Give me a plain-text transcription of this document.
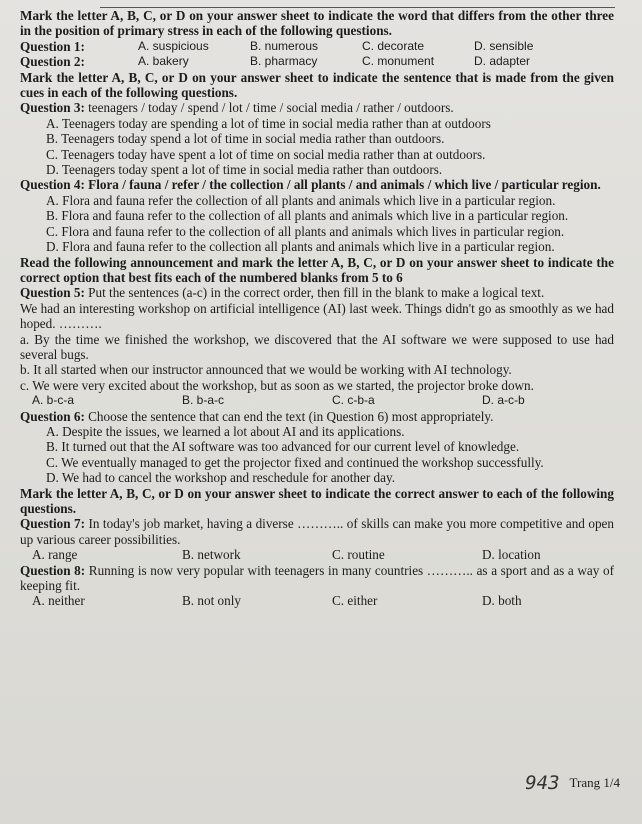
Mark the letter A, B, C, or D on your answer sheet to indicate the word that differs from the other three in the position of primary stress in each of the following questions.

Question 1:	A. suspicious	B. numerous	C. decorate	D. sensible
Question 2:	A. bakery	B. pharmacy	C. monument	D. adapter

Mark the letter A, B, C, or D on your answer sheet to indicate the sentence that is made from the given cues in each of the following questions.

Question 3: teenagers / today / spend / lot / time / social media / rather / outdoors.

A. Teenagers today are spending a lot of time in social media rather than at outdoors

B. Teenagers today spend a lot of time in social media rather than outdoors.

C. Teenagers today have spent a lot of time on social media rather than at outdoors.

D. Teenagers today spent a lot of time in social media rather than outdoors.

Question 4: Flora / fauna / refer / the collection / all plants / and animals / which live / particular region.

A. Flora and fauna refer the collection of all plants and animals which live in a particular region.

B. Flora and fauna refer to the collection of all plants and animals which live in a particular region.

C. Flora and fauna refer to the collection of all plants and animals which lives in particular region.

D. Flora and fauna refer to the collection all plants and animals which live in a particular region.

Read the following announcement and mark the letter A, B, C, or D on your answer sheet to indicate the correct option that best fits each of the numbered blanks from 5 to 6

Question 5: Put the sentences (a-c) in the correct order, then fill in the blank to make a logical text.

We had an interesting workshop on artificial intelligence (AI) last week. Things didn't go as smoothly as we had hoped. ……….

a. By the time we finished the workshop, we discovered that the AI software we were supposed to use had several bugs.

b. It all started when our instructor announced that we would be working with AI technology.

c. We were very excited about the workshop, but as soon as we started, the projector broke down.

A. b-c-a	B. b-a-c	C. c-b-a	D. a-c-b

Question 6: Choose the sentence that can end the text (in Question 6) most appropriately.

A. Despite the issues, we learned a lot about AI and its applications.

B. It turned out that the AI software was too advanced for our current level of knowledge.

C. We eventually managed to get the projector fixed and continued the workshop successfully.

D. We had to cancel the workshop and reschedule for another day.

Mark the letter A, B, C, or D on your answer sheet to indicate the correct answer to each of the following questions.

Question 7: In today's job market, having a diverse ……….. of skills can make you more competitive and open up various career possibilities.

A. range	B. network	C. routine	D. location

Question 8: Running is now very popular with teenagers in many countries ……….. as a sport and as a way of keeping fit.

A. neither	B. not only	C. either	D. both
943 Trang 1/4
